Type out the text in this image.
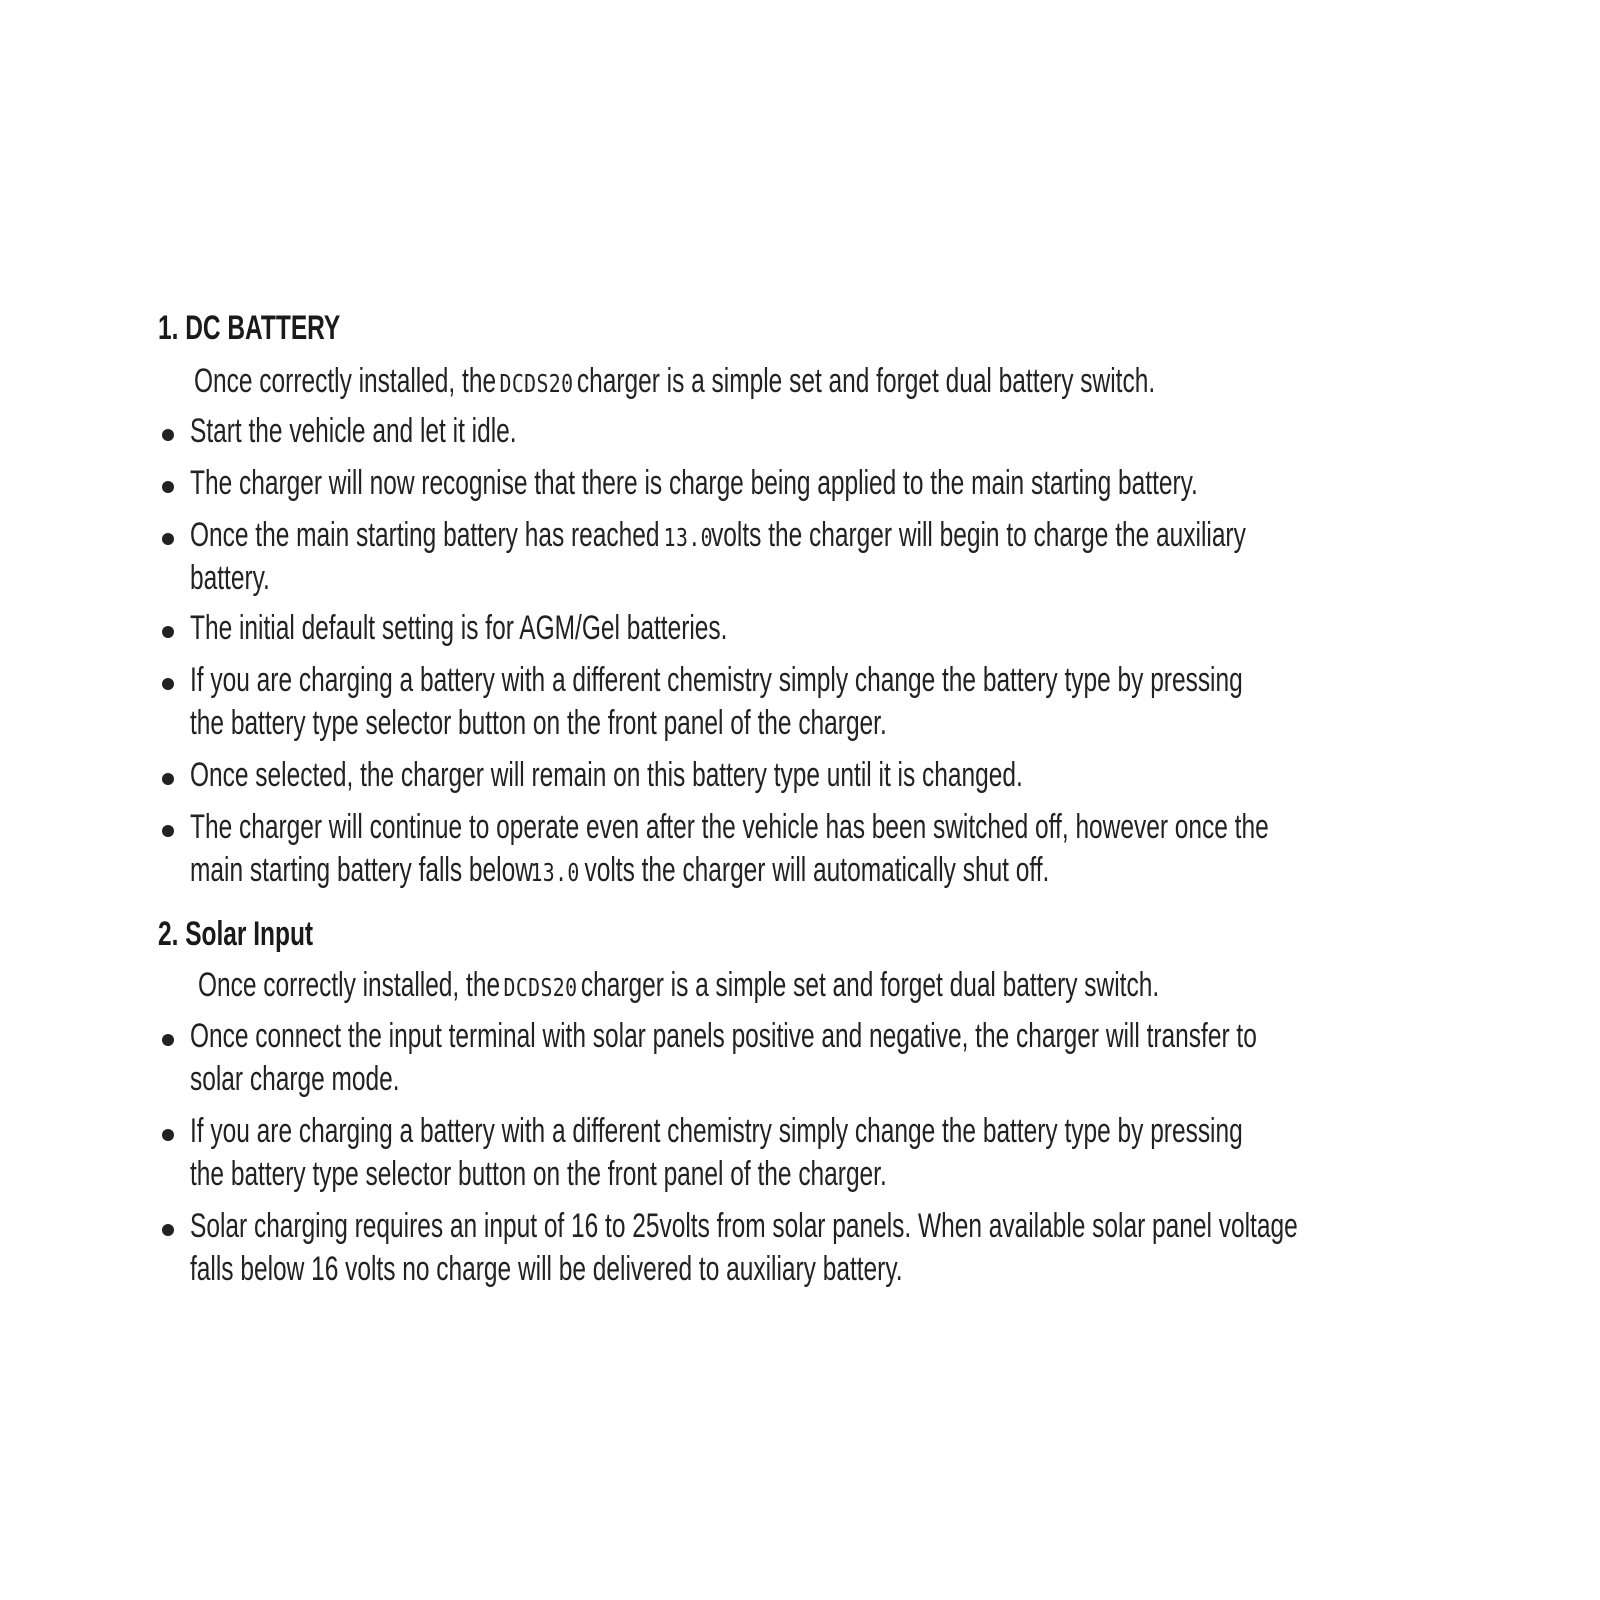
1. DC BATTERY
Once correctly installed, the DCDS20 charger is a simple set and forget dual battery switch.
Start the vehicle and let it idle.
The charger will now recognise that there is charge being applied to the main starting battery.
Once the main starting battery has reached 13.0volts the charger will begin to charge the auxiliary
battery.
The initial default setting is for AGM/Gel batteries.
If you are charging a battery with a different chemistry simply change the battery type by pressing
the battery type selector button on the front panel of the charger.
Once selected, the charger will remain on this battery type until it is changed.
The charger will continue to operate even after the vehicle has been switched off, however once the
main starting battery falls below13.0 volts the charger will automatically shut off.
2. Solar Input
Once correctly installed, the DCDS20 charger is a simple set and forget dual battery switch.
Once connect the input terminal with solar panels positive and negative, the charger will transfer to
solar charge mode.
If you are charging a battery with a different chemistry simply change the battery type by pressing
the battery type selector button on the front panel of the charger.
Solar charging requires an input of 16 to 25volts from solar panels. When available solar panel voltage
falls below 16 volts no charge will be delivered to auxiliary battery.
